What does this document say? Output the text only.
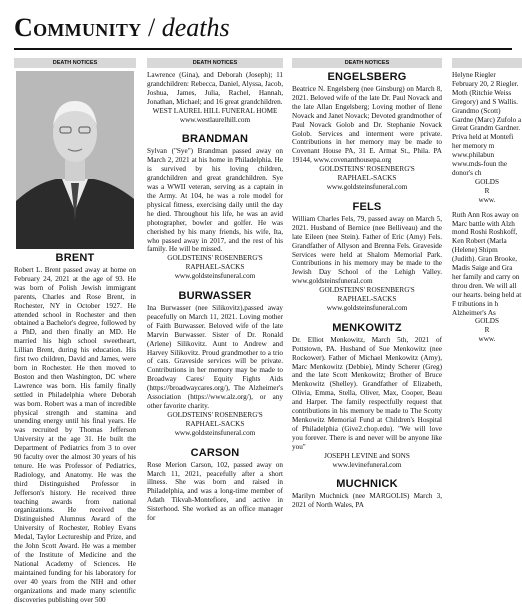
Community / deaths
DEATH NOTICES
BRENT

Robert L. Brent passed away at home on February 24, 2021 at the age of 93. He was born of Polish Jewish immigrant parents, Charles and Rose Brent, in Rochester, NY in October 1927. He attended school in Rochester and then obtained a Bachelor's degree, followed by a PhD, and then finally an MD. He married his high school sweetheart, Lillian Brent, during his education. His first two children, David and James, were born in Rochester. He then moved to Boston and then Washington, DC where Lawrence was born. His family finally settled in Philadelphia where Deborah was born. Robert was a man of incredible physical strength and stamina and unending energy until his final years. He was recruited by Thomas Jefferson University at the age 31. He built the Department of Pediatrics from 3 to over 90 faculty over the almost 30 years of his tenure. He was Professor of Pediatrics, Radiology, and Anatomy. He was the third Distinguished Professor in Jefferson's history. He received three teaching awards from national organizations. He received the Distinguished Alumnus Award of the University of Rochester, Robley Evans Medal, Taylor Lectureship and Prize, and the John Scott Award. He was a member of the Institute of Medicine and the National Academy of Sciences. He maintained funding for his laboratory for over 40 years from the NIH and other organizations and made many scientific discoveries publishing over 500

DEATH NOTICES

Lawrence (Gina), and Deborah (Joseph); 11 grandchildren: Rebecca, Daniel, Alyssa, Jacob, Joshua, James, Julia, Rachel, Hannah, Jonathan, Michael; and 16 great grandchildren.

WEST LAUREL HILL FUNERAL HOME

www.westlaurelhill.com

BRANDMAN

Sylvan ("Sye") Brandman passed away on March 2, 2021 at his home in Philadelphia. He is survived by his loving children, grandchildren and great grandchildren. Sye was a WWII veteran, serving as a captain in the Army. At 104, he was a role model for physical fitness, exercising daily until the day he died. Throughout his life, he was an avid photographer, bowler and golfer. He was cherished by his many friends, his wife, Ita, who passed away in 2017, and the rest of his family. He will be missed.

GOLDSTEINS' ROSENBERG'S

RAPHAEL-SACKS

www.goldsteinsfuneral.com

BURWASSER

Ina Burwasser (nee Silikovitz),passed away peacefully on March 11, 2021. Loving mother of Faith Burwasser. Beloved wife of the late Marvin Burwasser. Sister of Dr. Ronald (Arlene) Silikovitz. Aunt to Andrew and Harvey Silikovitz. Proud grandmother to a trio of cats. Graveside services will be private. Contributions in her memory may be made to Broadway Cares/ Equity Fights Aids (https://broadwaycares.org/), The Alzheimer's Association (https://www.alz.org/), or any other favorite charity.

GOLDSTEINS' ROSENBERG'S

RAPHAEL-SACKS

www.goldsteinsfuneral.com

CARSON

Rose Merion Carson, 102, passed away on March 11, 2021, peacefully after a short illness. She was born and raised in Philadelphia, and was a long-time member of Adath Tikvah-Montefiore, and active in Sisterhood. She worked as an office manager for

DEATH NOTICES
ENGELSBERG

Beatrice N. Engelsberg (nee Ginsburg) on March 8, 2021. Beloved wife of the late Dr. Paul Novack and the late Allan Engelsberg; Loving mother of Ilene Novack and Janet Novack; Devoted grandmother of Paul Novack Golob and Dr. Stephanie Novack Golob. Services and interment were private. Contributions in her memory may be made to Covenant House PA, 31 E. Armat St., Phila. PA 19144, www.covenanthousepa.org

GOLDSTEINS' ROSENBERG'S

RAPHAEL-SACKS

www.goldsteinsfuneral.com

FELS

William Charles Fels, 79, passed away on March 5, 2021. Husband of Bernice (nee Belliveau) and the late Eileen (nee Stein). Father of Eric (Amy) Fels. Grandfather of Allyson and Brenna Fels. Graveside Services were held at Shalom Memorial Park. Contributions in his memory may be made to the Jewish Day School of the Lehigh Valley. www.goldsteinsfuneral.com

GOLDSTEINS' ROSENBERG'S

RAPHAEL-SACKS

www.goldsteinsfuneral.com

MENKOWITZ

Dr. Elliot Menkowitz, March 5th, 2021 of Pottstown, PA. Husband of Sue Menkowitz (nee Rockower). Father of Michael Menkowitz (Amy), Marc Menkowitz (Debbie), Mindy Scherer (Greg) and the late Scott Menkowitz; Brother of Bruce Menkowitz (Shelley). Grandfather of Elizabeth, Olivia, Emma, Stella, Oliver, Max, Cooper, Beau and Harper. The family respectfully request that contributions in his memory be made to The Scotty Menkowitz Memorial Fund at Children's Hospital of Philadelphia (Give2.chop.edu). "We will love you forever. There is and never will be anyone like you"

JOSEPH LEVINE and SONS

www.levinefuneral.com

MUCHNICK

Marilyn Muchnick (nee MARGOLIS) March 3, 2021 of North Wales, PA

Helyne Riegler February 20, 2 Riegler. Moth (Ritchie Weiss Gregory) and S Wallis. Grandmo (Scott) Gardne (Marc) Zufolo a Great Grandm Gardner. Priva held at Montefi her memory m www.philabun www.mds-foun the donor's ch

GOLDS

R

www.

Ruth Ann Ros away on Marc battle with Alzh mond Roshi Roshkoff, Ken Robert (Marla (Helene) Shipm (Judith). Gran Brooke, Madis Saige and Gra her family and carry on throu dren. We will all our hearts. being held at F tributions in h Alzheimer's As

GOLDS

R

www.
